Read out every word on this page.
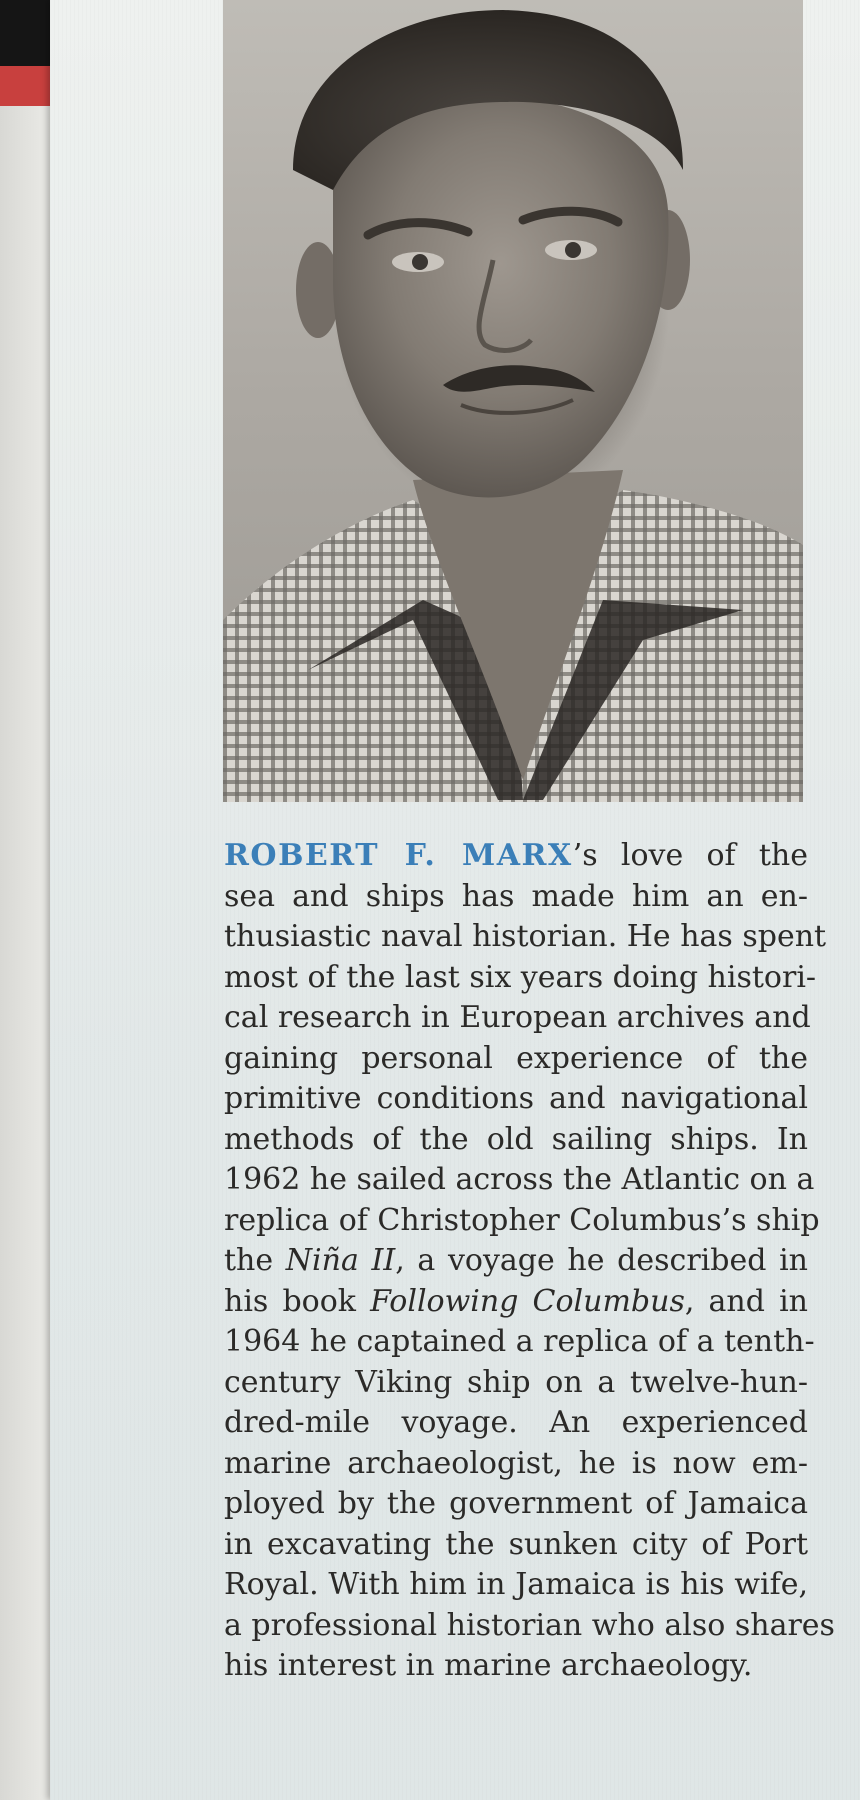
ROBERT F. MARX’s love of the
sea and ships has made him an en-
thusiastic naval historian. He has spent
most of the last six years doing histori-
cal research in European archives and
gaining personal experience of the
primitive conditions and navigational
methods of the old sailing ships. In
1962 he sailed across the Atlantic on a
replica of Christopher Columbus’s ship
the Niña II, a voyage he described in
his book Following Columbus, and in
1964 he captained a replica of a tenth-
century Viking ship on a twelve-hun-
dred-mile voyage. An experienced
marine archaeologist, he is now em-
ployed by the government of Jamaica
in excavating the sunken city of Port
Royal. With him in Jamaica is his wife,
a professional historian who also shares
his interest in marine archaeology.
